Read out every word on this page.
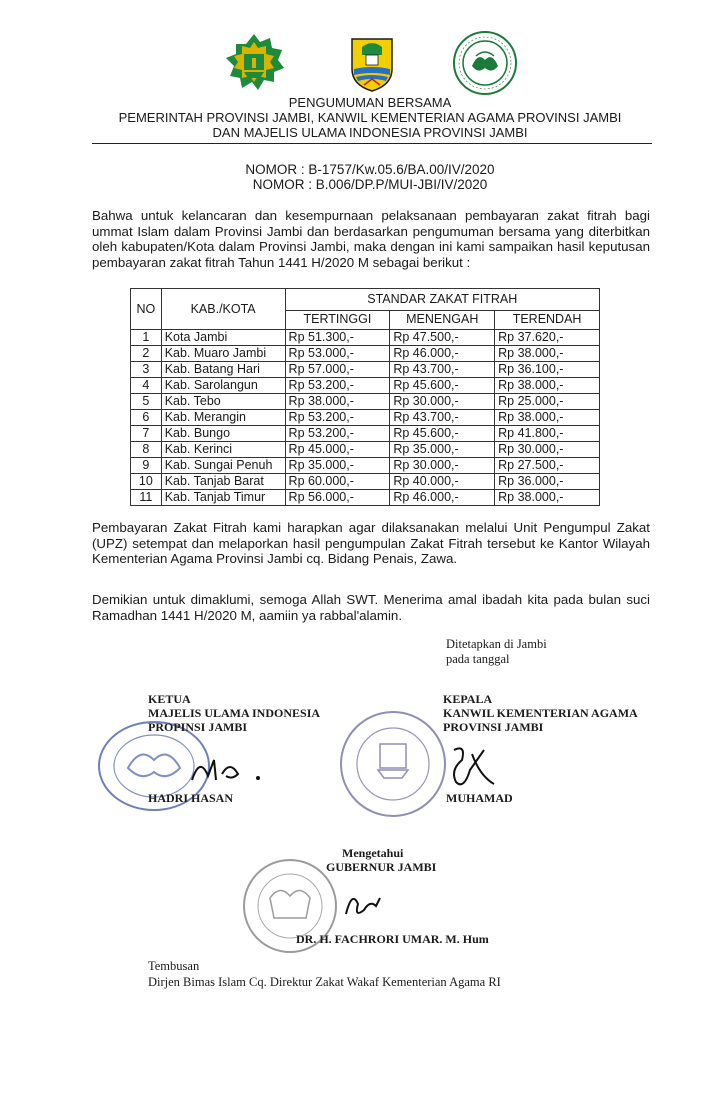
PENGUMUMAN BERSAMA
PEMERINTAH PROVINSI JAMBI, KANWIL KEMENTERIAN AGAMA PROVINSI JAMBI
DAN MAJELIS ULAMA INDONESIA PROVINSI JAMBI
NOMOR : B-1757/Kw.05.6/BA.00/IV/2020
NOMOR : B.006/DP.P/MUI-JBI/IV/2020
Bahwa untuk kelancaran dan kesempurnaan pelaksanaan pembayaran zakat fitrah bagi ummat Islam dalam Provinsi Jambi dan berdasarkan pengumuman bersama yang diterbitkan oleh kabupaten/Kota dalam Provinsi Jambi, maka dengan ini kami sampaikan hasil keputusan pembayaran zakat fitrah Tahun 1441 H/2020 M sebagai berikut :
NO	KAB./KOTA	STANDAR ZAKAT FITRAH		
		TERTINGGI	MENENGAH	TERENDAH
1	Kota Jambi	Rp 51.300,-	Rp 47.500,-	Rp 37.620,-
2	Kab. Muaro Jambi	Rp 53.000,-	Rp 46.000,-	Rp 38.000,-
3	Kab. Batang Hari	Rp 57.000,-	Rp 43.700,-	Rp 36.100,-
4	Kab. Sarolangun	Rp 53.200,-	Rp 45.600,-	Rp 38.000,-
5	Kab. Tebo	Rp 38.000,-	Rp 30.000,-	Rp 25.000,-
6	Kab. Merangin	Rp 53.200,-	Rp 43.700,-	Rp 38.000,-
7	Kab. Bungo	Rp 53.200,-	Rp 45.600,-	Rp 41.800,-
8	Kab. Kerinci	Rp 45.000,-	Rp 35.000,-	Rp 30.000,-
9	Kab. Sungai Penuh	Rp 35.000,-	Rp 30.000,-	Rp 27.500,-
10	Kab. Tanjab Barat	Rp 60.000,-	Rp 40.000,-	Rp 36.000,-
11	Kab. Tanjab Timur	Rp 56.000,-	Rp 46.000,-	Rp 38.000,-
Pembayaran Zakat Fitrah kami harapkan agar dilaksanakan melalui Unit Pengumpul Zakat (UPZ) setempat dan melaporkan hasil pengumpulan Zakat Fitrah tersebut ke Kantor Wilayah Kementerian Agama Provinsi Jambi cq. Bidang Penais, Zawa.
Demikian untuk dimaklumi, semoga Allah SWT. Menerima amal ibadah kita pada bulan suci Ramadhan 1441 H/2020 M, aamiin ya rabbal'alamin.
Ditetapkan di Jambi
pada tanggal
KETUA
MAJELIS ULAMA INDONESIA
PROPINSI JAMBI
HADRI HASAN
KEPALA
KANWIL KEMENTERIAN AGAMA
PROVINSI JAMBI
MUHAMAD
Mengetahui
GUBERNUR JAMBI
DR. H. FACHRORI UMAR. M. Hum
Tembusan
Dirjen Bimas Islam Cq. Direktur Zakat Wakaf Kementerian Agama RI
